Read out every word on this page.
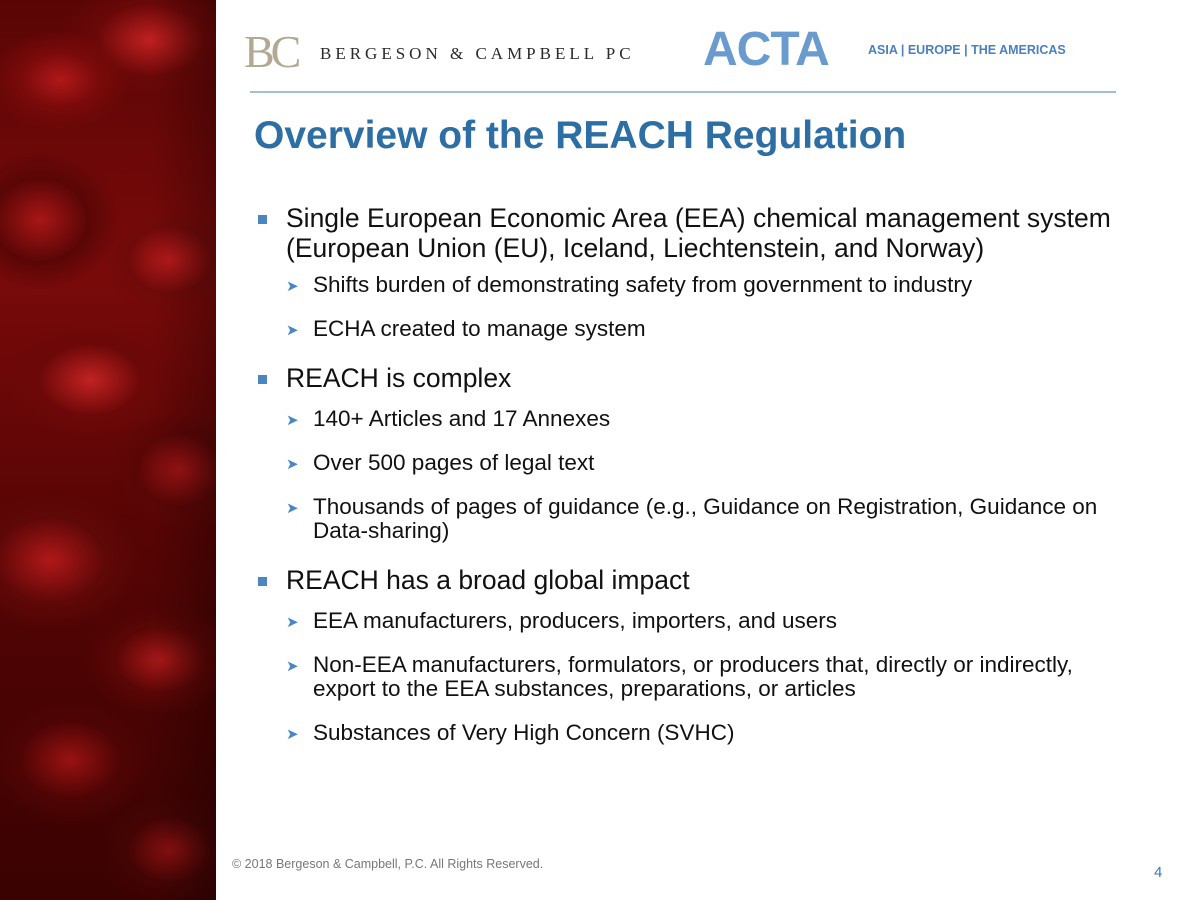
BC BERGESON & CAMPBELL PC ACTA	ASIA | EUROPE | THE AMERICAS
Overview of the REACH Regulation
Single European Economic Area (EEA) chemical management system (European Union (EU), Iceland, Liechtenstein, and Norway)
➤ Shifts burden of demonstrating safety from government to industry
➤ ECHA created to manage system
REACH is complex
➤ 140+ Articles and 17 Annexes
➤ Over 500 pages of legal text
➤ Thousands of pages of guidance (e.g., Guidance on Registration, Guidance on Data-sharing)
REACH has a broad global impact
➤ EEA manufacturers, producers, importers, and users
➤ Non-EEA manufacturers, formulators, or producers that, directly or indirectly, export to the EEA substances, preparations, or articles
➤ Substances of Very High Concern (SVHC)
© 2018 Bergeson & Campbell, P.C. All Rights Reserved.	4
